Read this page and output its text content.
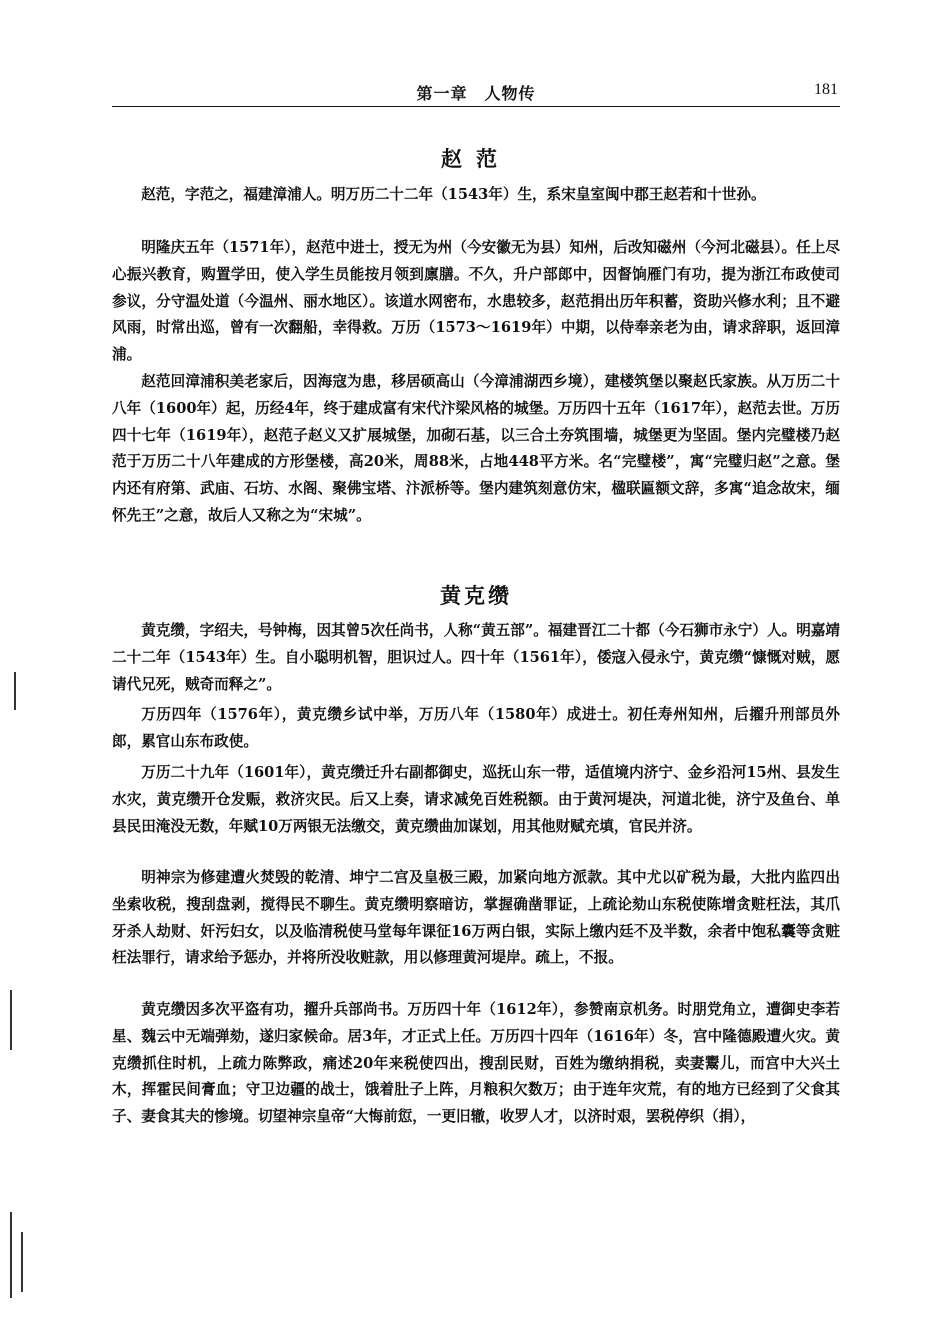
第一章　人物传	181
赵范

赵范，字范之，福建漳浦人。明万历二十二年（1543年）生，系宋皇室闽中郡王赵若和十世孙。

明隆庆五年（1571年），赵范中进士，授无为州（今安徽无为县）知州，后改知磁州（今河北磁县）。任上尽心振兴教育，购置学田，使入学生员能按月领到廪膳。不久，升户部郎中，因督饷雁门有功，提为浙江布政使司参议，分守温处道（今温州、丽水地区）。该道水网密布，水患较多，赵范捐出历年积蓄，资助兴修水利；且不避风雨，时常出巡，曾有一次翻船，幸得救。万历（1573～1619年）中期，以侍奉亲老为由，请求辞职，返回漳浦。

赵范回漳浦积美老家后，因海寇为患，移居硕高山（今漳浦湖西乡境），建楼筑堡以聚赵氏家族。从万历二十八年（1600年）起，历经4年，终于建成富有宋代汴梁风格的城堡。万历四十五年（1617年），赵范去世。万历四十七年（1619年），赵范子赵义又扩展城堡，加砌石基，以三合土夯筑围墙，城堡更为坚固。堡内完璧楼乃赵范于万历二十八年建成的方形堡楼，高20米，周88米，占地448平方米。名“完璧楼”，寓“完璧归赵”之意。堡内还有府第、武庙、石坊、水阁、聚佛宝塔、汴派桥等。堡内建筑刻意仿宋，楹联匾额文辞，多寓“追念故宋，缅怀先王”之意，故后人又称之为“宋城”。

黄克缵

黄克缵，字绍夫，号钟梅，因其曾5次任尚书，人称“黄五部”。福建晋江二十都（今石狮市永宁）人。明嘉靖二十二年（1543年）生。自小聪明机智，胆识过人。四十年（1561年），倭寇入侵永宁，黄克缵“慷慨对贼，愿请代兄死，贼奇而释之”。

万历四年（1576年），黄克缵乡试中举，万历八年（1580年）成进士。初任寿州知州，后擢升刑部员外郎，累官山东布政使。

万历二十九年（1601年），黄克缵迁升右副都御史，巡抚山东一带，适值境内济宁、金乡沿河15州、县发生水灾，黄克缵开仓发赈，救济灾民。后又上奏，请求减免百姓税额。由于黄河堤决，河道北徙，济宁及鱼台、单县民田淹没无数，年赋10万两银无法缴交，黄克缵曲加谋划，用其他财赋充填，官民并济。

明神宗为修建遭火焚毁的乾清、坤宁二宫及皇极三殿，加紧向地方派款。其中尤以矿税为最，大批内监四出坐索收税，搜刮盘剥，搅得民不聊生。黄克缵明察暗访，掌握确凿罪证，上疏论劾山东税使陈增贪赃枉法，其爪牙杀人劫财、奸污妇女，以及临清税使马堂每年课征16万两白银，实际上缴内廷不及半数，余者中饱私囊等贪赃枉法罪行，请求给予惩办，并将所没收赃款，用以修理黄河堤岸。疏上，不报。

黄克缵因多次平盗有功，擢升兵部尚书。万历四十年（1612年），参赞南京机务。时朋党角立，遭御史李若星、魏云中无端弹劾，遂归家候命。居3年，才正式上任。万历四十四年（1616年）冬，宫中隆德殿遭火灾。黄克缵抓住时机，上疏力陈弊政，痛述20年来税使四出，搜刮民财，百姓为缴纳捐税，卖妻鬻儿，而宫中大兴土木，挥霍民间膏血；守卫边疆的战士，饿着肚子上阵，月粮积欠数万；由于连年灾荒，有的地方已经到了父食其子、妻食其夫的惨境。切望神宗皇帝“大悔前愆，一更旧辙，收罗人才，以济时艰，罢税停织（捐），
